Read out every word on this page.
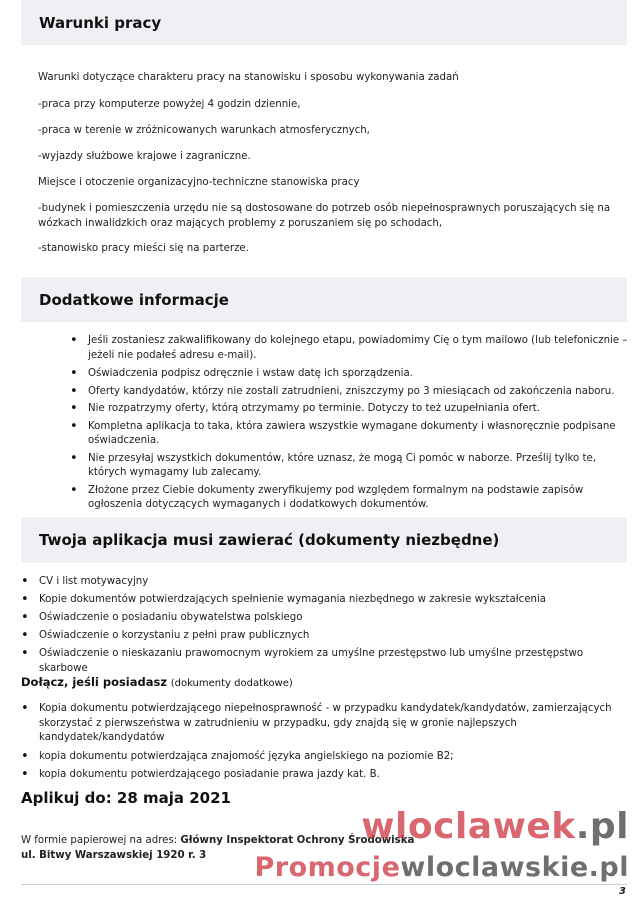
Warunki pracy
Warunki dotyczące charakteru pracy na stanowisku i sposobu wykonywania zadań
-praca przy komputerze powyżej 4 godzin dziennie,
-praca w terenie w zróżnicowanych warunkach atmosferycznych,
-wyjazdy służbowe krajowe i zagraniczne.
Miejsce i otoczenie organizacyjno-techniczne stanowiska pracy
-budynek i pomieszczenia urzędu nie są dostosowane do potrzeb osób niepełnosprawnych poruszających się na wózkach inwalidzkich oraz mających problemy z poruszaniem się po schodach,
-stanowisko pracy mieści się na parterze.
Dodatkowe informacje
• Jeśli zostaniesz zakwalifikowany do kolejnego etapu, powiadomimy Cię o tym mailowo (lub telefonicznie – jeżeli nie podałeś adresu e-mail).
• Oświadczenia podpisz odręcznie i wstaw datę ich sporządzenia.
• Oferty kandydatów, którzy nie zostali zatrudnieni, zniszczymy po 3 miesiącach od zakończenia naboru.
• Nie rozpatrzymy oferty, którą otrzymamy po terminie. Dotyczy to też uzupełniania ofert.
• Kompletna aplikacja to taka, która zawiera wszystkie wymagane dokumenty i własnoręcznie podpisane oświadczenia.
• Nie przesyłaj wszystkich dokumentów, które uznasz, że mogą Ci pomóc w naborze. Prześlij tylko te, których wymagamy lub zalecamy.
• Złożone przez Ciebie dokumenty zweryfikujemy pod względem formalnym na podstawie zapisów ogłoszenia dotyczących wymaganych i dodatkowych dokumentów.
Twoja aplikacja musi zawierać (dokumenty niezbędne)
• CV i list motywacyjny
• Kopie dokumentów potwierdzających spełnienie wymagania niezbędnego w zakresie wykształcenia
• Oświadczenie o posiadaniu obywatelstwa polskiego
• Oświadczenie o korzystaniu z pełni praw publicznych
• Oświadczenie o nieskazaniu prawomocnym wyrokiem za umyślne przestępstwo lub umyślne przestępstwo skarbowe
Dołącz, jeśli posiadasz (dokumenty dodatkowe)
• Kopia dokumentu potwierdzającego niepełnosprawność - w przypadku kandydatek/kandydatów, zamierzających skorzystać z pierwszeństwa w zatrudnieniu w przypadku, gdy znajdą się w gronie najlepszych kandydatek/kandydatów
• kopia dokumentu potwierdzająca znajomość języka angielskiego na poziomie B2;
• kopia dokumentu potwierdzającego posiadanie prawa jazdy kat. B.
Aplikuj do: 28 maja 2021
W formie papierowej na adres: Główny Inspektorat Ochrony Środowiska
ul. Bitwy Warszawskiej 1920 r. 3
wloclawek.pl
Promocjewloclawskie.pl
3
